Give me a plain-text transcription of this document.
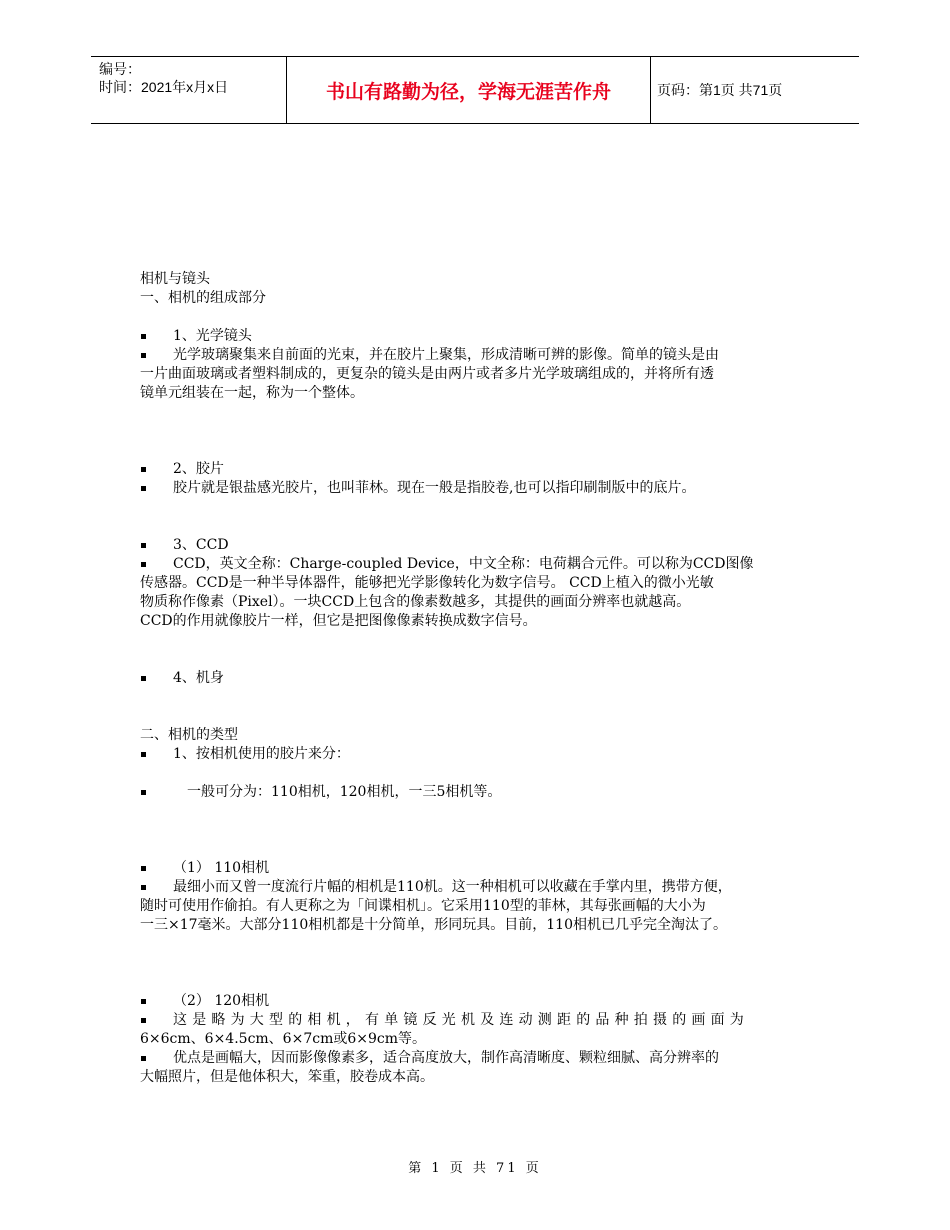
编号：
时间：2021年x月x日	书山有路勤为径，学海无涯苦作舟	页码：第1页 共71页
相机与镜头
一、相机的组成部分
1、光学镜头
光学玻璃聚集来自前面的光束，并在胶片上聚集，形成清晰可辨的影像。简单的镜头是由
一片曲面玻璃或者塑料制成的，更复杂的镜头是由两片或者多片光学玻璃组成的，并将所有透
镜单元组装在一起，称为一个整体。
2、胶片
胶片就是银盐感光胶片，也叫菲林。现在一般是指胶卷,也可以指印刷制版中的底片。
3、CCD
CCD，英文全称：Charge-coupled Device，中文全称：电荷耦合元件。可以称为CCD图像
传感器。CCD是一种半导体器件，能够把光学影像转化为数字信号。 CCD上植入的微小光敏
物质称作像素（Pixel）。一块CCD上包含的像素数越多，其提供的画面分辨率也就越高。
CCD的作用就像胶片一样，但它是把图像像素转换成数字信号。
4、机身
二、相机的类型
1、按相机使用的胶片来分：
一般可分为：110相机，120相机，一三5相机等。
（1） 110相机
最细小而又曾一度流行片幅的相机是110机。这一种相机可以收藏在手掌内里，携带方便，
随时可使用作偷拍。有人更称之为「间谍相机」。它采用110型的菲林，其每张画幅的大小为
一三×17毫米。大部分110相机都是十分简单，形同玩具。目前，110相机已几乎完全淘汰了。
（2） 120相机
这是略为大型的相机，有单镜反光机及连动测距的品种拍摄的画面为
6×6cm、6×4.5cm、6×7cm或6×9cm等。
优点是画幅大，因而影像像素多，适合高度放大，制作高清晰度、颗粒细腻、高分辨率的
大幅照片，但是他体积大，笨重，胶卷成本高。
第 1 页 共 71 页
